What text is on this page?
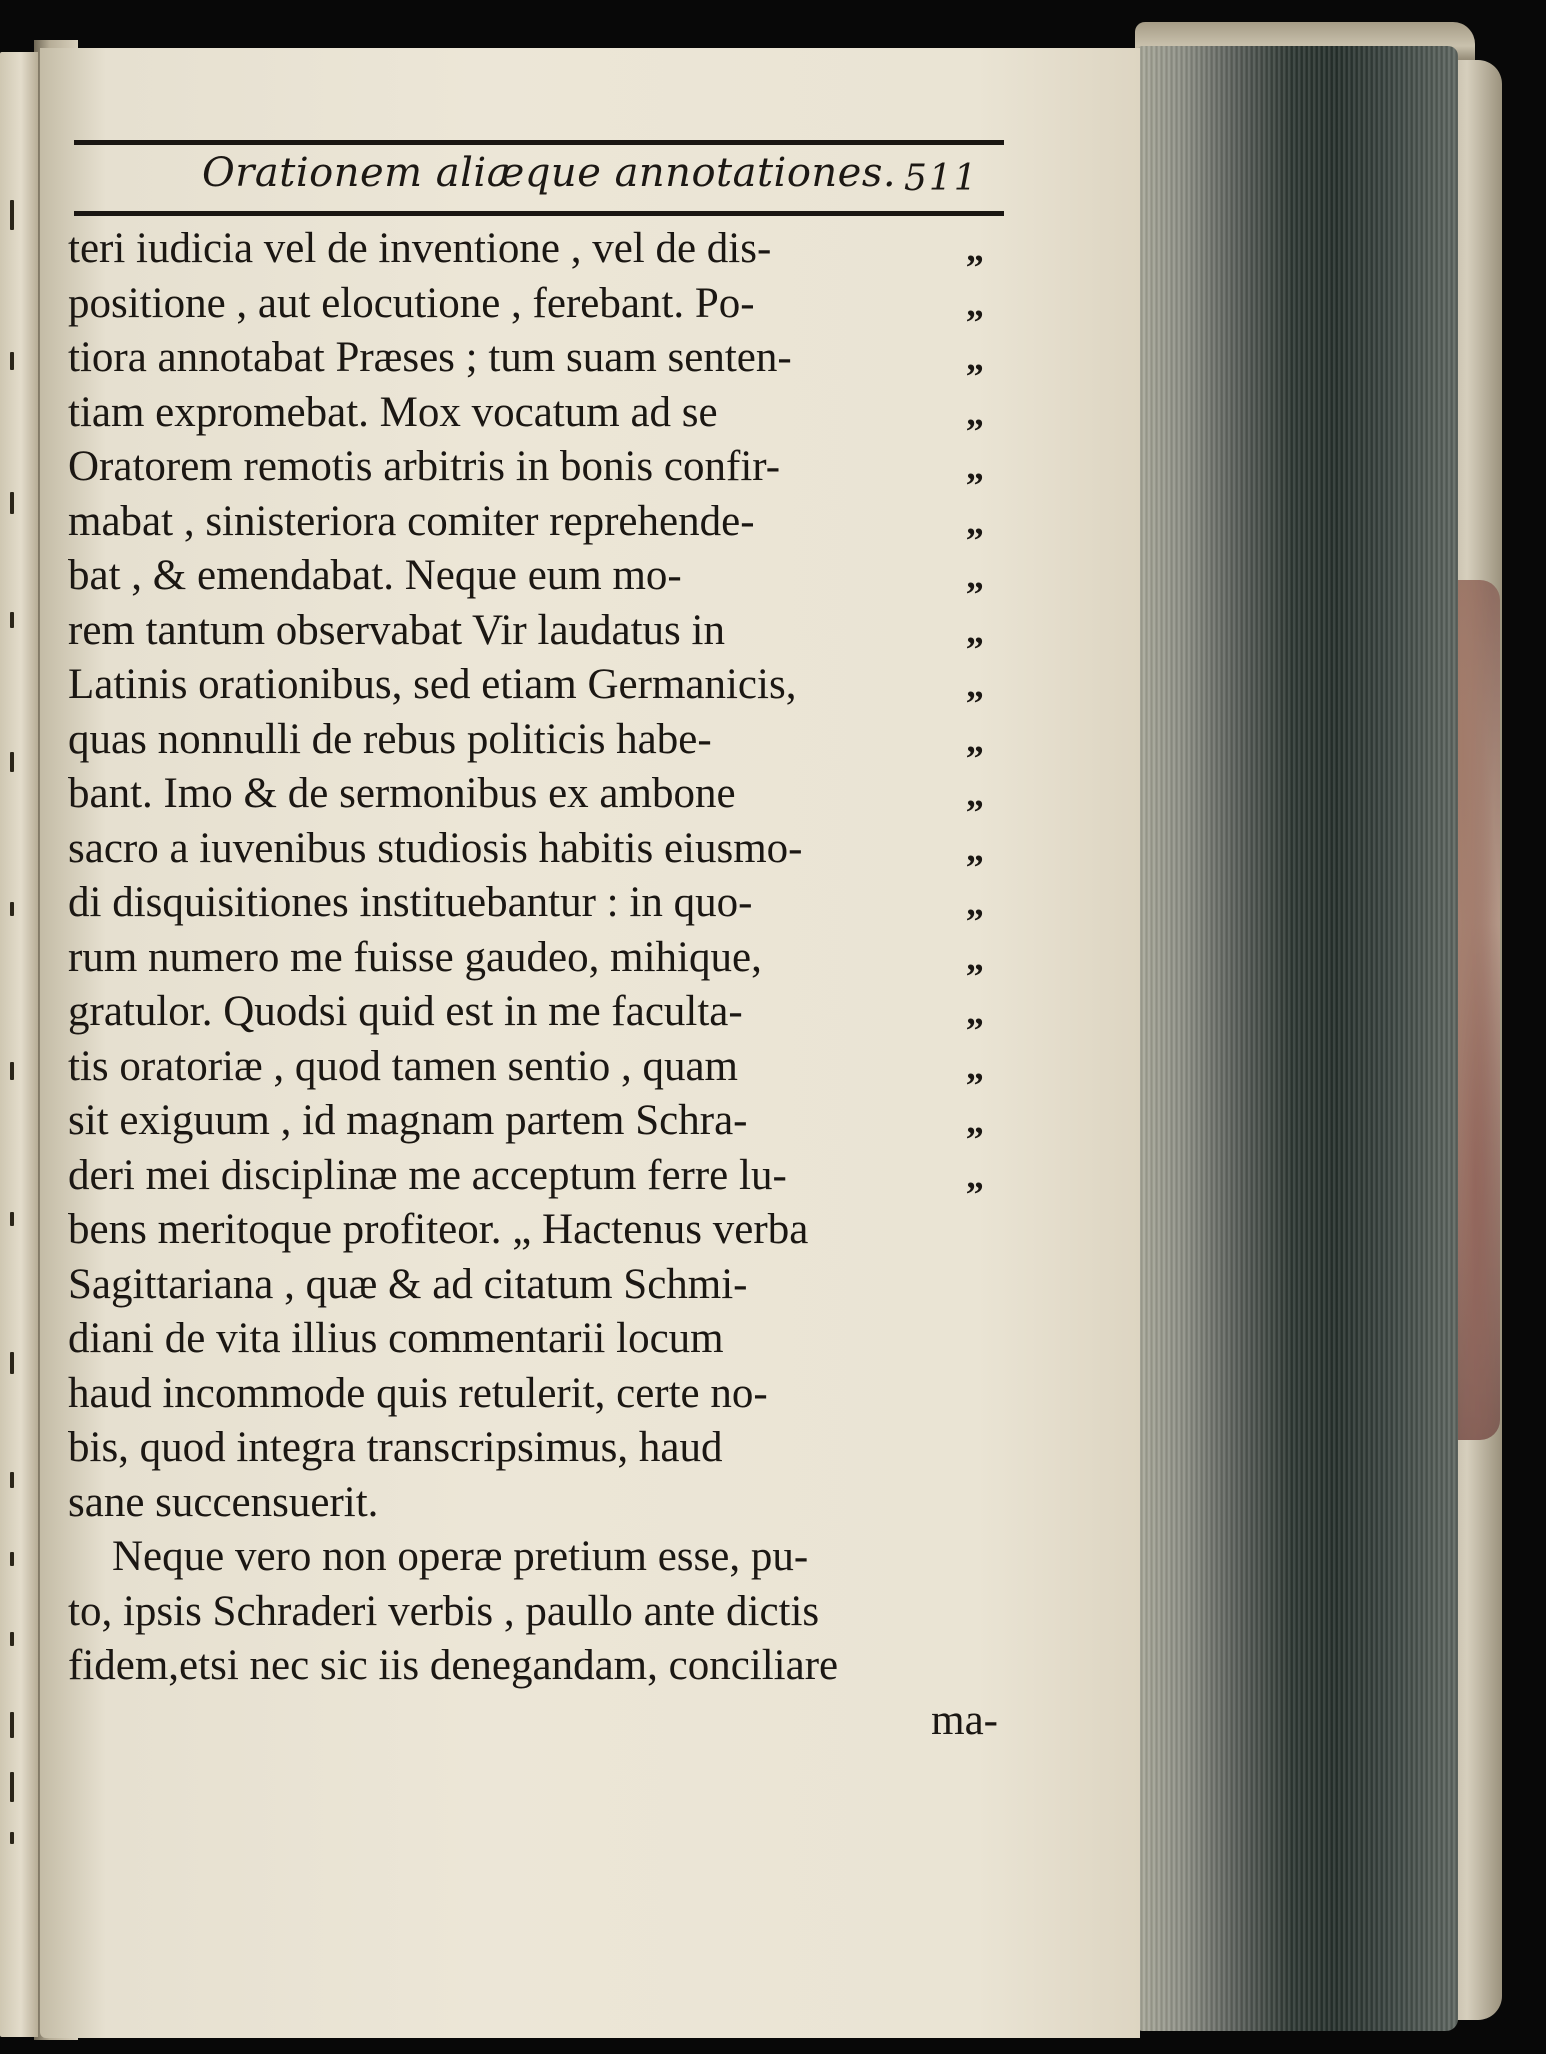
Orationem aliæque annotationes. 511
teri iudicia vel de inventione , vel de dis-	„
positione , aut elocutione , ferebant. Po-	„
tiora annotabat Præses ; tum suam senten-	„
tiam expromebat. Mox vocatum ad se	„
Oratorem remotis arbitris in bonis confir-	„
mabat , sinisteriora comiter reprehende-	„
bat , & emendabat. Neque eum mo-	„
rem tantum observabat Vir laudatus in	„
Latinis orationibus, sed etiam Germanicis,	„
quas nonnulli de rebus politicis habe-	„
bant. Imo & de sermonibus ex ambone	„
sacro a iuvenibus studiosis habitis eiusmo-	„
di disquisitiones instituebantur : in quo-	„
rum numero me fuisse gaudeo, mihique,	„
gratulor. Quodsi quid est in me faculta-	„
tis oratoriæ , quod tamen sentio , quam	„
sit exiguum , id magnam partem Schra-	„
deri mei disciplinæ me acceptum ferre lu-	„
bens meritoque profiteor. „ Hactenus verba
Sagittariana , quæ & ad citatum Schmi-
diani de vita illius commentarii locum
haud incommode quis retulerit, certe no-
bis, quod integra transcripsimus, haud
sane succensuerit.
Neque vero non operæ pretium esse, pu-
to, ipsis Schraderi verbis , paullo ante dictis
fidem,etsi nec sic iis denegandam, conciliare
ma-
